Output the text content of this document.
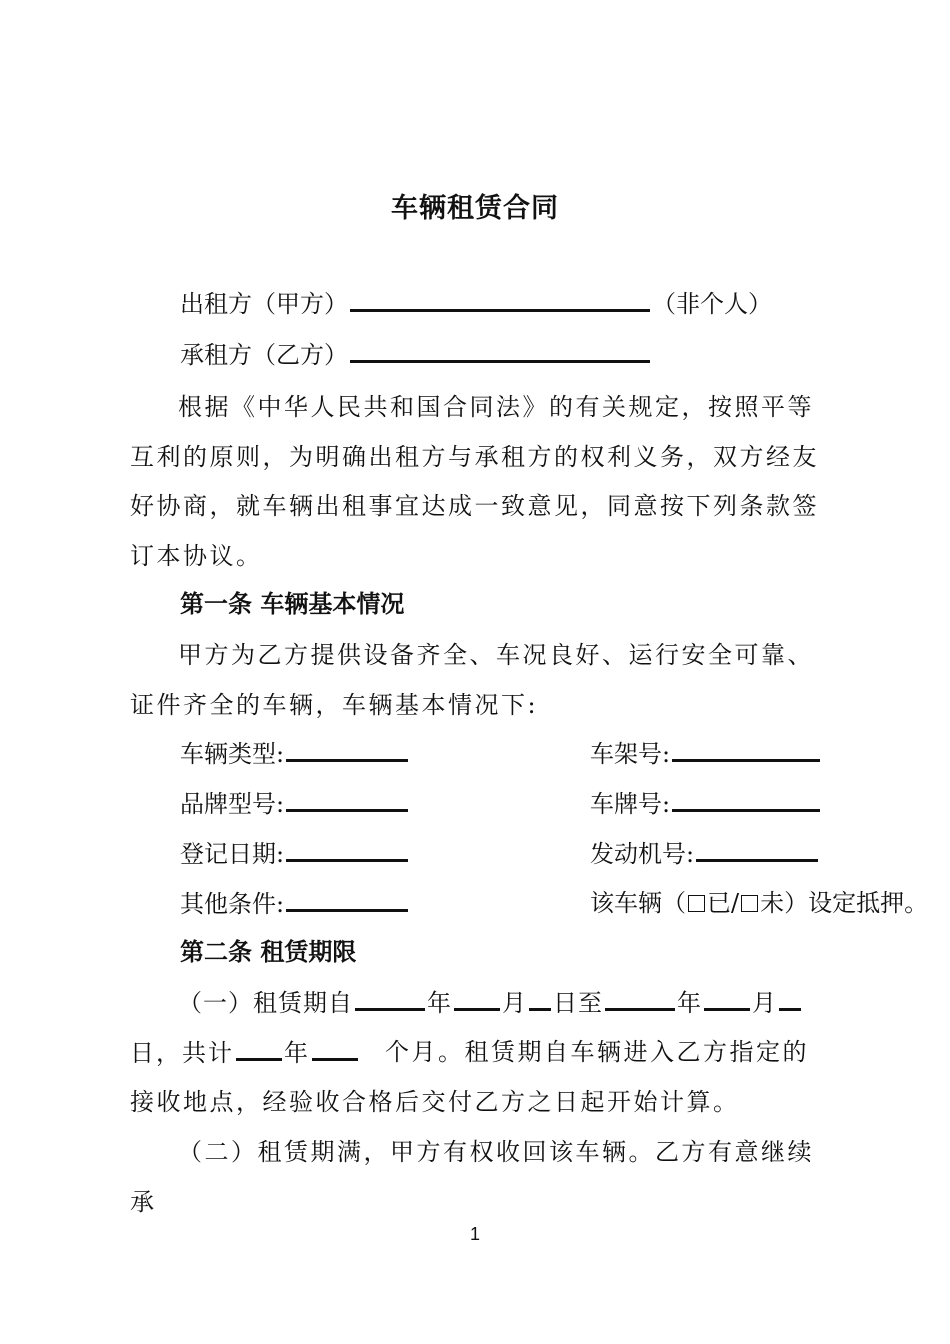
车辆租赁合同
出租方（甲方）	（非个人）
承租方（乙方）
根据《中华人民共和国合同法》的有关规定，按照平等互利的原则，为明确出租方与承租方的权利义务，双方经友好协商，就车辆出租事宜达成一致意见，同意按下列条款签订本协议。
第一条 车辆基本情况
甲方为乙方提供设备齐全、车况良好、运行安全可靠、证件齐全的车辆，车辆基本情况下:
车辆类型:	车架号:
品牌型号:	车牌号:
登记日期:	发动机号:
其他条件:	该车辆（ 已/ 未）设定抵押。
第二条 租赁期限
（一）租赁期自	年 月 日至	年 月
日，共计 年	个月。租赁期自车辆进入乙方指定的接收地点，经验收合格后交付乙方之日起开始计算。
（二）租赁期满，甲方有权收回该车辆。乙方有意继续承
1
